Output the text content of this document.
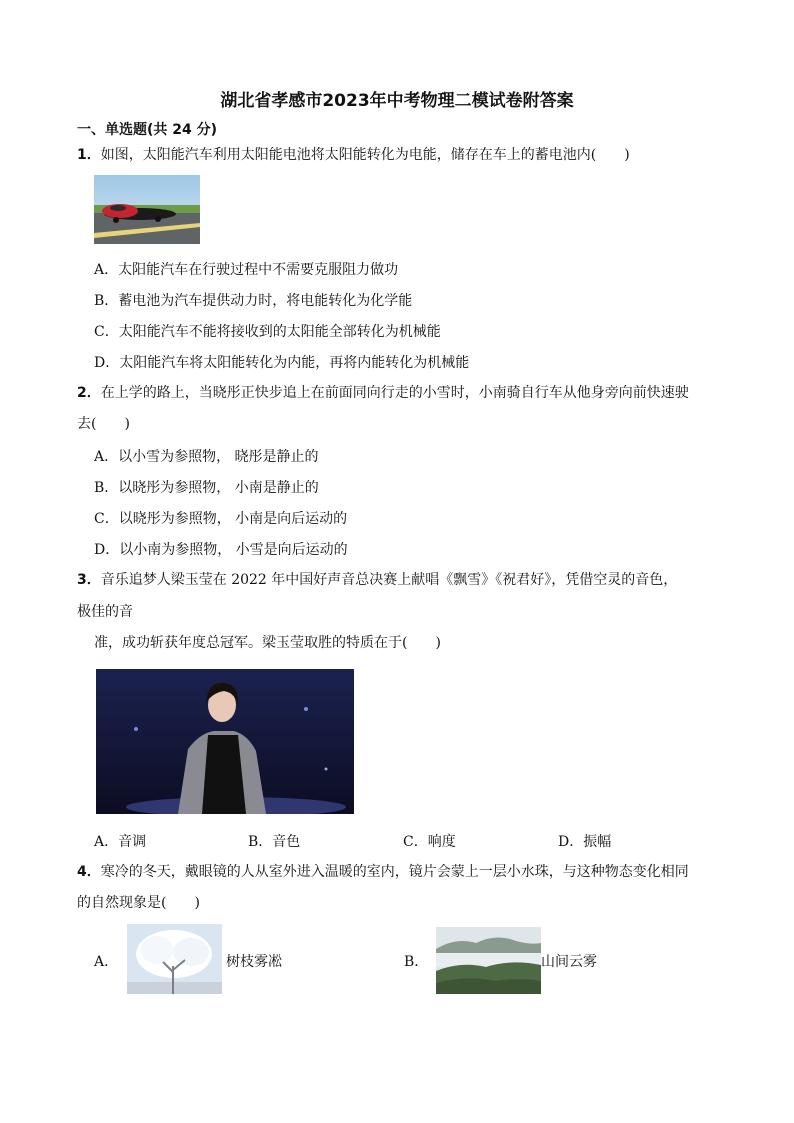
湖北省孝感市2023年中考物理二模试卷附答案
一、单选题(共 24 分)
1．如图，太阳能汽车利用太阳能电池将太阳能转化为电能，储存在车上的蓄电池内(　　)
A．太阳能汽车在行驶过程中不需要克服阻力做功
B．蓄电池为汽车提供动力时，将电能转化为化学能
C．太阳能汽车不能将接收到的太阳能全部转化为机械能
D．太阳能汽车将太阳能转化为内能，再将内能转化为机械能
2．在上学的路上，当晓彤正快步追上在前面同向行走的小雪时，小南骑自行车从他身旁向前快速驶
去(　　)
A．以小雪为参照物， 晓彤是静止的
B．以晓彤为参照物， 小南是静止的
C．以晓彤为参照物， 小南是向后运动的
D．以小南为参照物， 小雪是向后运动的
3．音乐追梦人梁玉莹在 2022 年中国好声音总决赛上献唱《飘雪》《祝君好》，凭借空灵的音色，
极佳的音
准，成功斩获年度总冠军。梁玉莹取胜的特质在于(　　)
A．音调	B．音色	C．响度	D．振幅
4．寒冷的冬天，戴眼镜的人从室外进入温暖的室内，镜片会蒙上一层小水珠，与这种物态变化相同
的自然现象是(　　)
A．	树枝雾凇	B．	山间云雾
